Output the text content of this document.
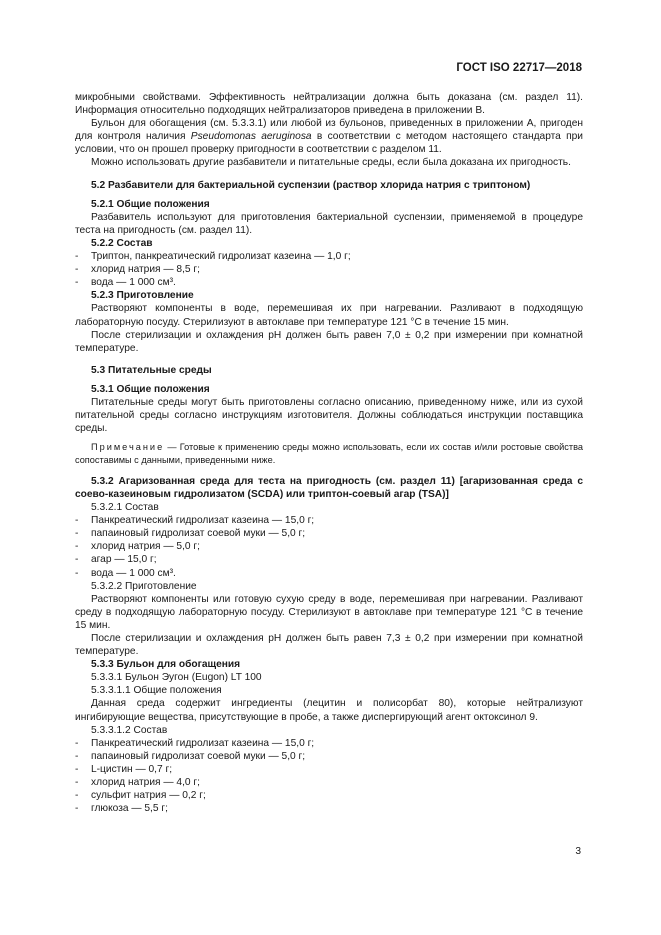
ГОСТ ISO 22717—2018

микробными свойствами. Эффективность нейтрализации должна быть доказана (см. раздел 11). Информация относительно подходящих нейтрализаторов приведена в приложении В.

Бульон для обогащения (см. 5.3.3.1) или любой из бульонов, приведенных в приложении А, пригоден для контроля наличия Pseudomonas aeruginosa в соответствии с методом настоящего стандарта при условии, что он прошел проверку пригодности в соответствии с разделом 11.

Можно использовать другие разбавители и питательные среды, если была доказана их пригодность.

5.2 Разбавители для бактериальной суспензии (раствор хлорида натрия с триптоном)

5.2.1 Общие положения

Разбавитель используют для приготовления бактериальной суспензии, применяемой в процедуре теста на пригодность (см. раздел 11).

5.2.2 Состав

- Триптон, панкреатический гидролизат казеина — 1,0 г;
- хлорид натрия — 8,5 г;
- вода — 1 000 см³.

5.2.3 Приготовление

Растворяют компоненты в воде, перемешивая их при нагревании. Разливают в подходящую лабораторную посуду. Стерилизуют в автоклаве при температуре 121 °С в течение 15 мин.

После стерилизации и охлаждения pH должен быть равен 7,0 ± 0,2 при измерении при комнатной температуре.

5.3 Питательные среды

5.3.1 Общие положения

Питательные среды могут быть приготовлены согласно описанию, приведенному ниже, или из сухой питательной среды согласно инструкциям изготовителя. Должны соблюдаться инструкции поставщика среды.

Примечание — Готовые к применению среды можно использовать, если их состав и/или ростовые свойства сопоставимы с данными, приведенными ниже.

5.3.2 Агаризованная среда для теста на пригодность (см. раздел 11) [агаризованная среда с соево-казеиновым гидролизатом (SCDA) или триптон-соевый агар (TSA)]

5.3.2.1 Состав

- Панкреатический гидролизат казеина — 15,0 г;
- папаиновый гидролизат соевой муки — 5,0 г;
- хлорид натрия — 5,0 г;
- агар — 15,0 г;
- вода — 1 000 см³.

5.3.2.2 Приготовление

Растворяют компоненты или готовую сухую среду в воде, перемешивая при нагревании. Разливают среду в подходящую лабораторную посуду. Стерилизуют в автоклаве при температуре 121 °С в течение 15 мин.

После стерилизации и охлаждения pH должен быть равен 7,3 ± 0,2 при измерении при комнатной температуре.

5.3.3 Бульон для обогащения

5.3.3.1 Бульон Эугон (Eugon) LT 100

5.3.3.1.1 Общие положения

Данная среда содержит ингредиенты (лецитин и полисорбат 80), которые нейтрализуют ингибирующие вещества, присутствующие в пробе, а также диспергирующий агент октоксинол 9.

5.3.3.1.2 Состав

- Панкреатический гидролизат казеина — 15,0 г;
- папаиновый гидролизат соевой муки — 5,0 г;
- L-цистин — 0,7 г;
- хлорид натрия — 4,0 г;
- сульфит натрия — 0,2 г;
- глюкоза — 5,5 г;
3
